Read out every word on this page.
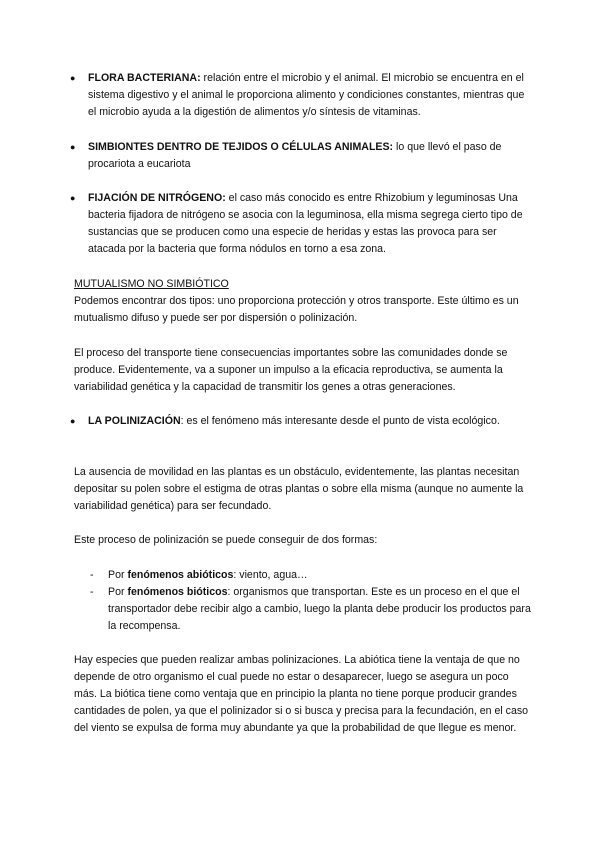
●	FLORA BACTERIANA: relación entre el microbio y el animal. El microbio se encuentra en el sistema digestivo y el animal le proporciona alimento y condiciones constantes, mientras que el microbio ayuda a la digestión de alimentos y/o síntesis de vitaminas.
●	SIMBIONTES DENTRO DE TEJIDOS O CÉLULAS ANIMALES: lo que llevó el paso de procariota a eucariota
●	FIJACIÓN DE NITRÓGENO: el caso más conocido es entre Rhizobium y leguminosas Una bacteria fijadora de nitrógeno se asocia con la leguminosa, ella misma segrega cierto tipo de sustancias que se producen como una especie de heridas y estas las provoca para ser atacada por la bacteria que forma nódulos en torno a esa zona.
MUTUALISMO NO SIMBIÓTICO
Podemos encontrar dos tipos: uno proporciona protección y otros transporte. Este último es un mutualismo difuso y puede ser por dispersión o polinización.
El proceso del transporte tiene consecuencias importantes sobre las comunidades donde se produce. Evidentemente, va a suponer un impulso a la eficacia reproductiva, se aumenta la variabilidad genética y la capacidad de transmitir los genes a otras generaciones.
●	LA POLINIZACIÓN: es el fenómeno más interesante desde el punto de vista ecológico.
La ausencia de movilidad en las plantas es un obstáculo, evidentemente, las plantas necesitan depositar su polen sobre el estigma de otras plantas o sobre ella misma (aunque no aumente la variabilidad genética) para ser fecundado.
Este proceso de polinización se puede conseguir de dos formas:
- Por fenómenos abióticos: viento, agua…
- Por fenómenos bióticos: organismos que transportan. Este es un proceso en el que el transportador debe recibir algo a cambio, luego la planta debe producir los productos para la recompensa.
Hay especies que pueden realizar ambas polinizaciones. La abiótica tiene la ventaja de que no depende de otro organismo el cual puede no estar o desaparecer, luego se asegura un poco más. La biótica tiene como ventaja que en principio la planta no tiene porque producir grandes cantidades de polen, ya que el polinizador si o si busca y precisa para la fecundación, en el caso del viento se expulsa de forma muy abundante ya que la probabilidad de que llegue es menor.
